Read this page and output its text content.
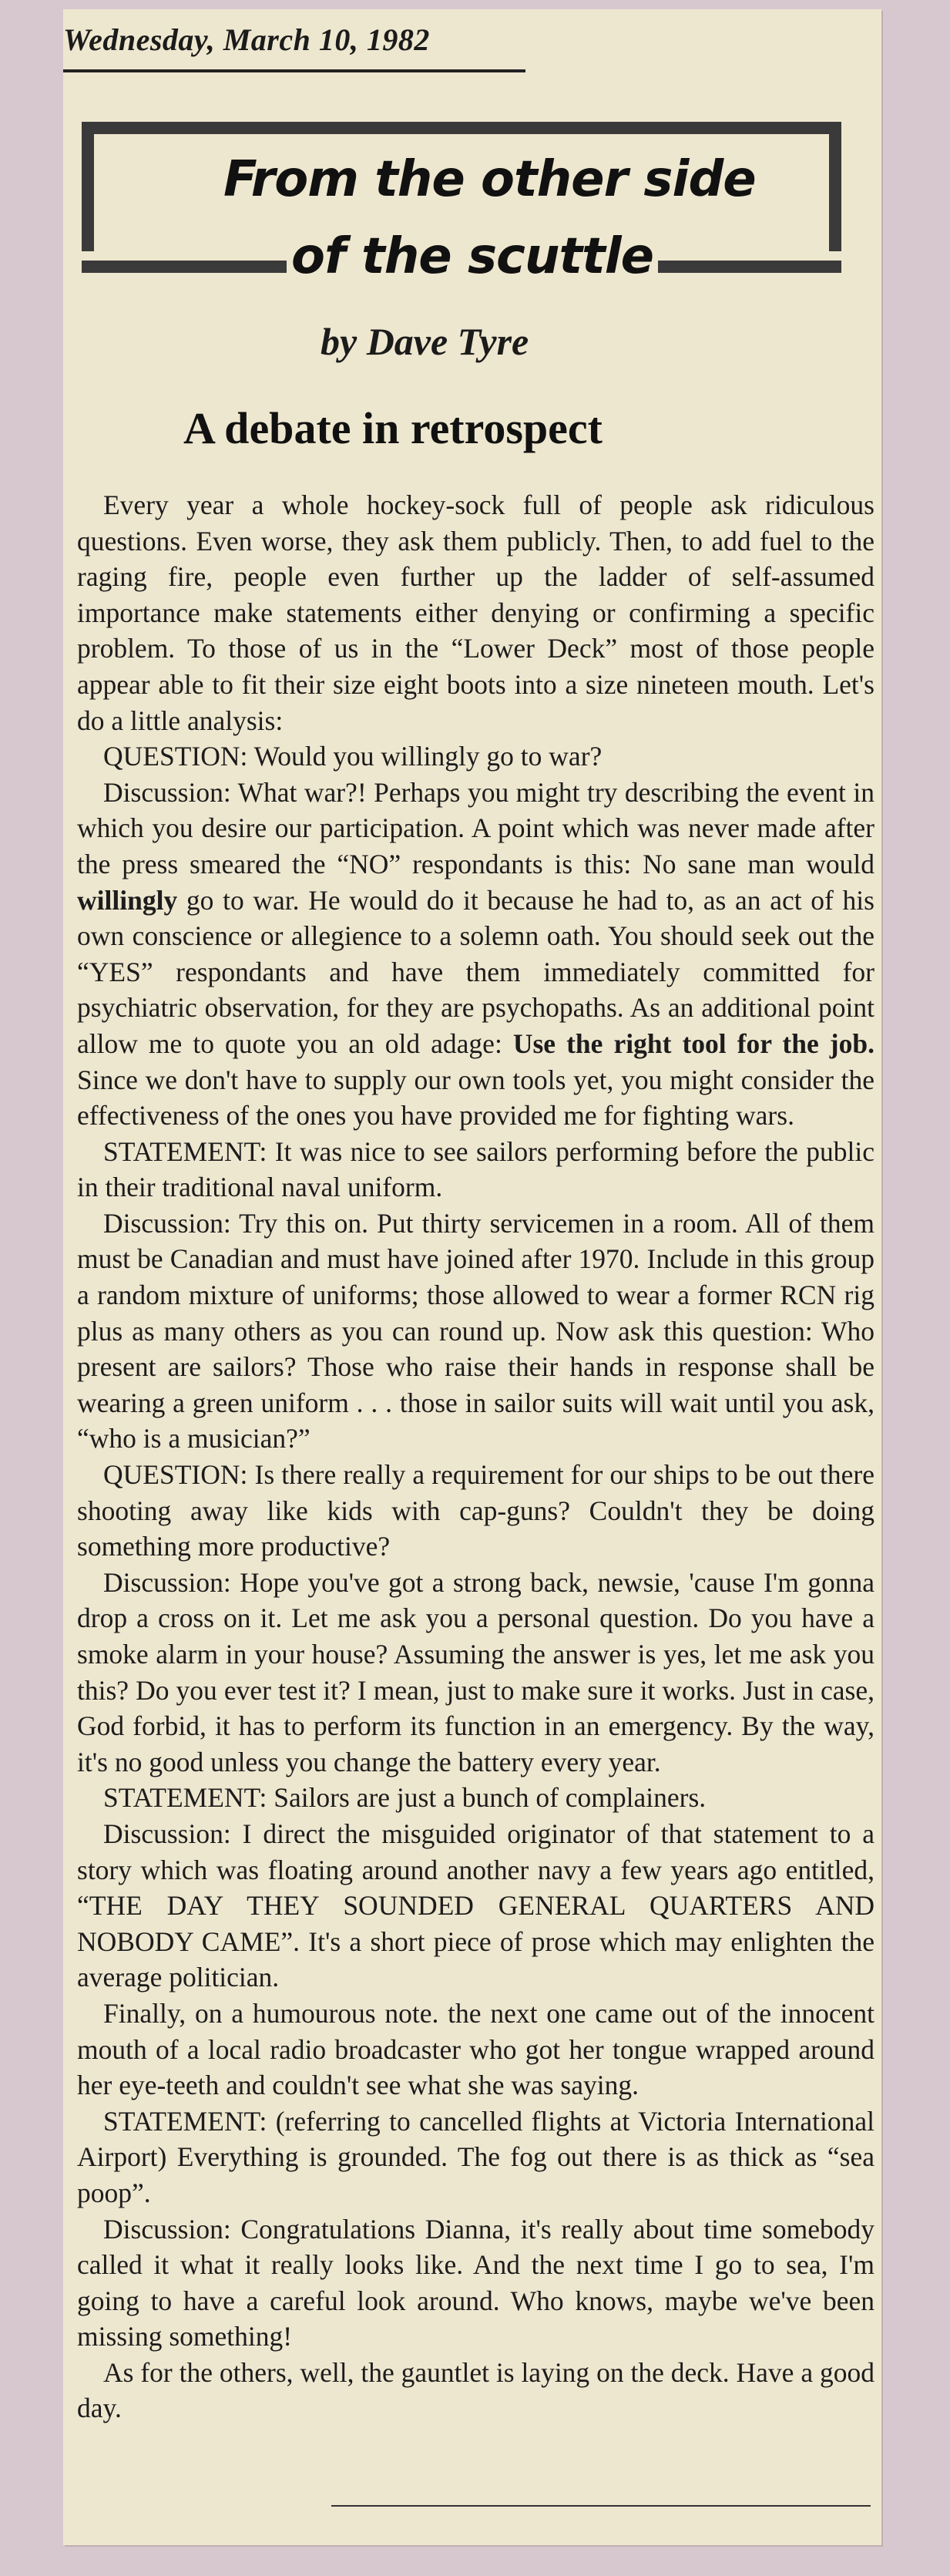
Wednesday, March 10, 1982
From the other side
of the scuttle
by Dave Tyre
A debate in retrospect

Every year a whole hockey-sock full of people ask ridiculous questions. Even worse, they ask them publicly. Then, to add fuel to the raging fire, people even further up the ladder of self-assumed importance make statements either denying or confirming a specific problem. To those of us in the “Lower Deck” most of those people appear able to fit their size eight boots into a size nineteen mouth. Let's do a little analysis:

QUESTION: Would you willingly go to war?

Discussion: What war?! Perhaps you might try describing the event in which you desire our participation. A point which was never made after the press smeared the “NO” respondants is this: No sane man would willingly go to war. He would do it because he had to, as an act of his own conscience or allegience to a solemn oath. You should seek out the “YES” respondants and have them immediately committed for psychiatric observation, for they are psychopaths. As an additional point allow me to quote you an old adage: Use the right tool for the job. Since we don't have to supply our own tools yet, you might consider the effectiveness of the ones you have provided me for fighting wars.

STATEMENT: It was nice to see sailors performing before the public in their traditional naval uniform.

Discussion: Try this on. Put thirty servicemen in a room. All of them must be Canadian and must have joined after 1970. Include in this group a random mixture of uniforms; those allowed to wear a former RCN rig plus as many others as you can round up. Now ask this question: Who present are sailors? Those who raise their hands in response shall be wearing a green uniform . . . those in sailor suits will wait until you ask, “who is a musician?”

QUESTION: Is there really a requirement for our ships to be out there shooting away like kids with cap-guns? Couldn't they be doing something more productive?

Discussion: Hope you've got a strong back, newsie, 'cause I'm gonna drop a cross on it. Let me ask you a personal question. Do you have a smoke alarm in your house? Assuming the answer is yes, let me ask you this? Do you ever test it? I mean, just to make sure it works. Just in case, God forbid, it has to perform its function in an emergency. By the way, it's no good unless you change the battery every year.

STATEMENT: Sailors are just a bunch of complainers.

Discussion: I direct the misguided originator of that statement to a story which was floating around another navy a few years ago entitled, “THE DAY THEY SOUNDED GENERAL QUARTERS AND NOBODY CAME”. It's a short piece of prose which may enlighten the average politician.

Finally, on a humourous note. the next one came out of the innocent mouth of a local radio broadcaster who got her tongue wrapped around her eye-teeth and couldn't see what she was saying.

STATEMENT: (referring to cancelled flights at Victoria International Airport) Everything is grounded. The fog out there is as thick as “sea poop”.

Discussion: Congratulations Dianna, it's really about time somebody called it what it really looks like. And the next time I go to sea, I'm going to have a careful look around. Who knows, maybe we've been missing something!

As for the others, well, the gauntlet is laying on the deck. Have a good day.
